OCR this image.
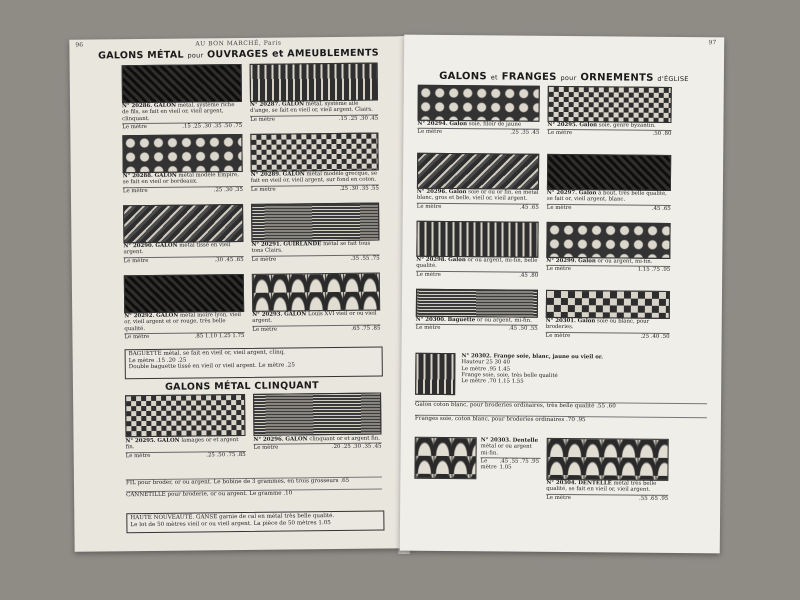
96	AU BON MARCHÉ, Paris
GALONS MÉTAL pour OUVRAGES et AMEUBLEMENTS
N° 20286. GALON métal, système riche de fils, se fait en vieil or, vieil argent, clinquant.
Le mètre	.15 .25 .30 .35 .50 .75
N° 20287. GALON métal, système aile d'ange, se fait en vieil or, vieil argent. Clairs.
Le mètre	.15 .25 .30 .45
N° 20288. GALON métal modèle Empire, se fait en vieil or bordeaux.
Le mètre	.25 .30 .35
N° 20289. GALON métal modèle grecque, se fait en vieil or, vieil argent, sur fond en coton.
Le mètre	.25 .30 .35 .55
N° 20290. GALON métal tissé en vieil argent.
Le mètre	.30 .45 .65
N° 20291. GUIRLANDE métal se fait tous tons Clairs.
Le mètre	.35 .55 .75
N° 20292. GALON métal moire lyon, vieil or, vieil argent et or rouge, très belle qualité.
Le mètre	.85 1.10 1.25 1.75
N° 20293. GALON Louis XVI vieil or ou vieil argent.
Le mètre	.65 .75 .85
BAGUETTE métal, se fait en vieil or, vieil argent, clinq.
Le mètre .15 .20 .25
Double baguette tissé en vieil or vieil argent. Le mètre .25
GALONS MÉTAL CLINQUANT
N° 20295. GALON lamages or et argent fin.
Le mètre	.25 .50 .75 .85
N° 20296. GALON clinquant or et argent fin.
Le mètre	.20 .25 .30 .35 .45
FIL pour broder, or ou argent. Le bobine de 3 grammes, en trois grosseurs .65
CANNETILLE pour broderie, or ou argent. Le gramme .10
HAUTE NOUVEAUTÉ. GANSE garnie de cal en métal très belle qualité.
Le lot de 50 mètres vieil or ou vieil argent. La pièce de 50 mètres 1.05
97
GALONS et FRANGES pour ORNEMENTS d'ÉGLISE
N° 20294. Galon soie, filoir de jaune
Le mètre	.25 .35 .45
N° 20295. Galon soie, genre byzantin.
Le mètre	.50 .80
N° 20296. Galon soie or ou or fin, en métal blanc, gros et belle, vieil or, vieil argent.
Le mètre	.45 .65
N° 20297. Galon à bout, très belle qualité, se fait or, vieil argent, blanc.
Le mètre	.45 .65
N° 20298. Galon or ou argent, mi-fin, belle qualité.
Le mètre	.45 .80
N° 20299. Galon or ou argent, mi-fin.
Le mètre	1.15 .75 .95
N° 20300. Baguette or ou argent, mi-fin.
Le mètre	.45 .50 .55
N° 20301. Galon soie ou blanc, pour broderies.
Le mètre	.25 .40 .50
N° 20302. Frange soie, blanc, jaune ou vieil or.
Hauteur 25 30 40
Le mètre .95 1.45
Frange soie, soie, très belle qualité
Le mètre .70 1.15 1.55
Galon coton blanc, pour broderies ordinaires, très belle qualité .55 .60
Franges soie, coton blanc, pour broderies ordinaires .70 .95
N° 20303. Dentelle métal or ou argent mi-fin.
Le mètre
.45 .55 .75 .95 1.05
N° 20304. DENTELLE métal très belle qualité, se fait en vieil or, vieil argent.
Le mètre	.55 .65 .95
